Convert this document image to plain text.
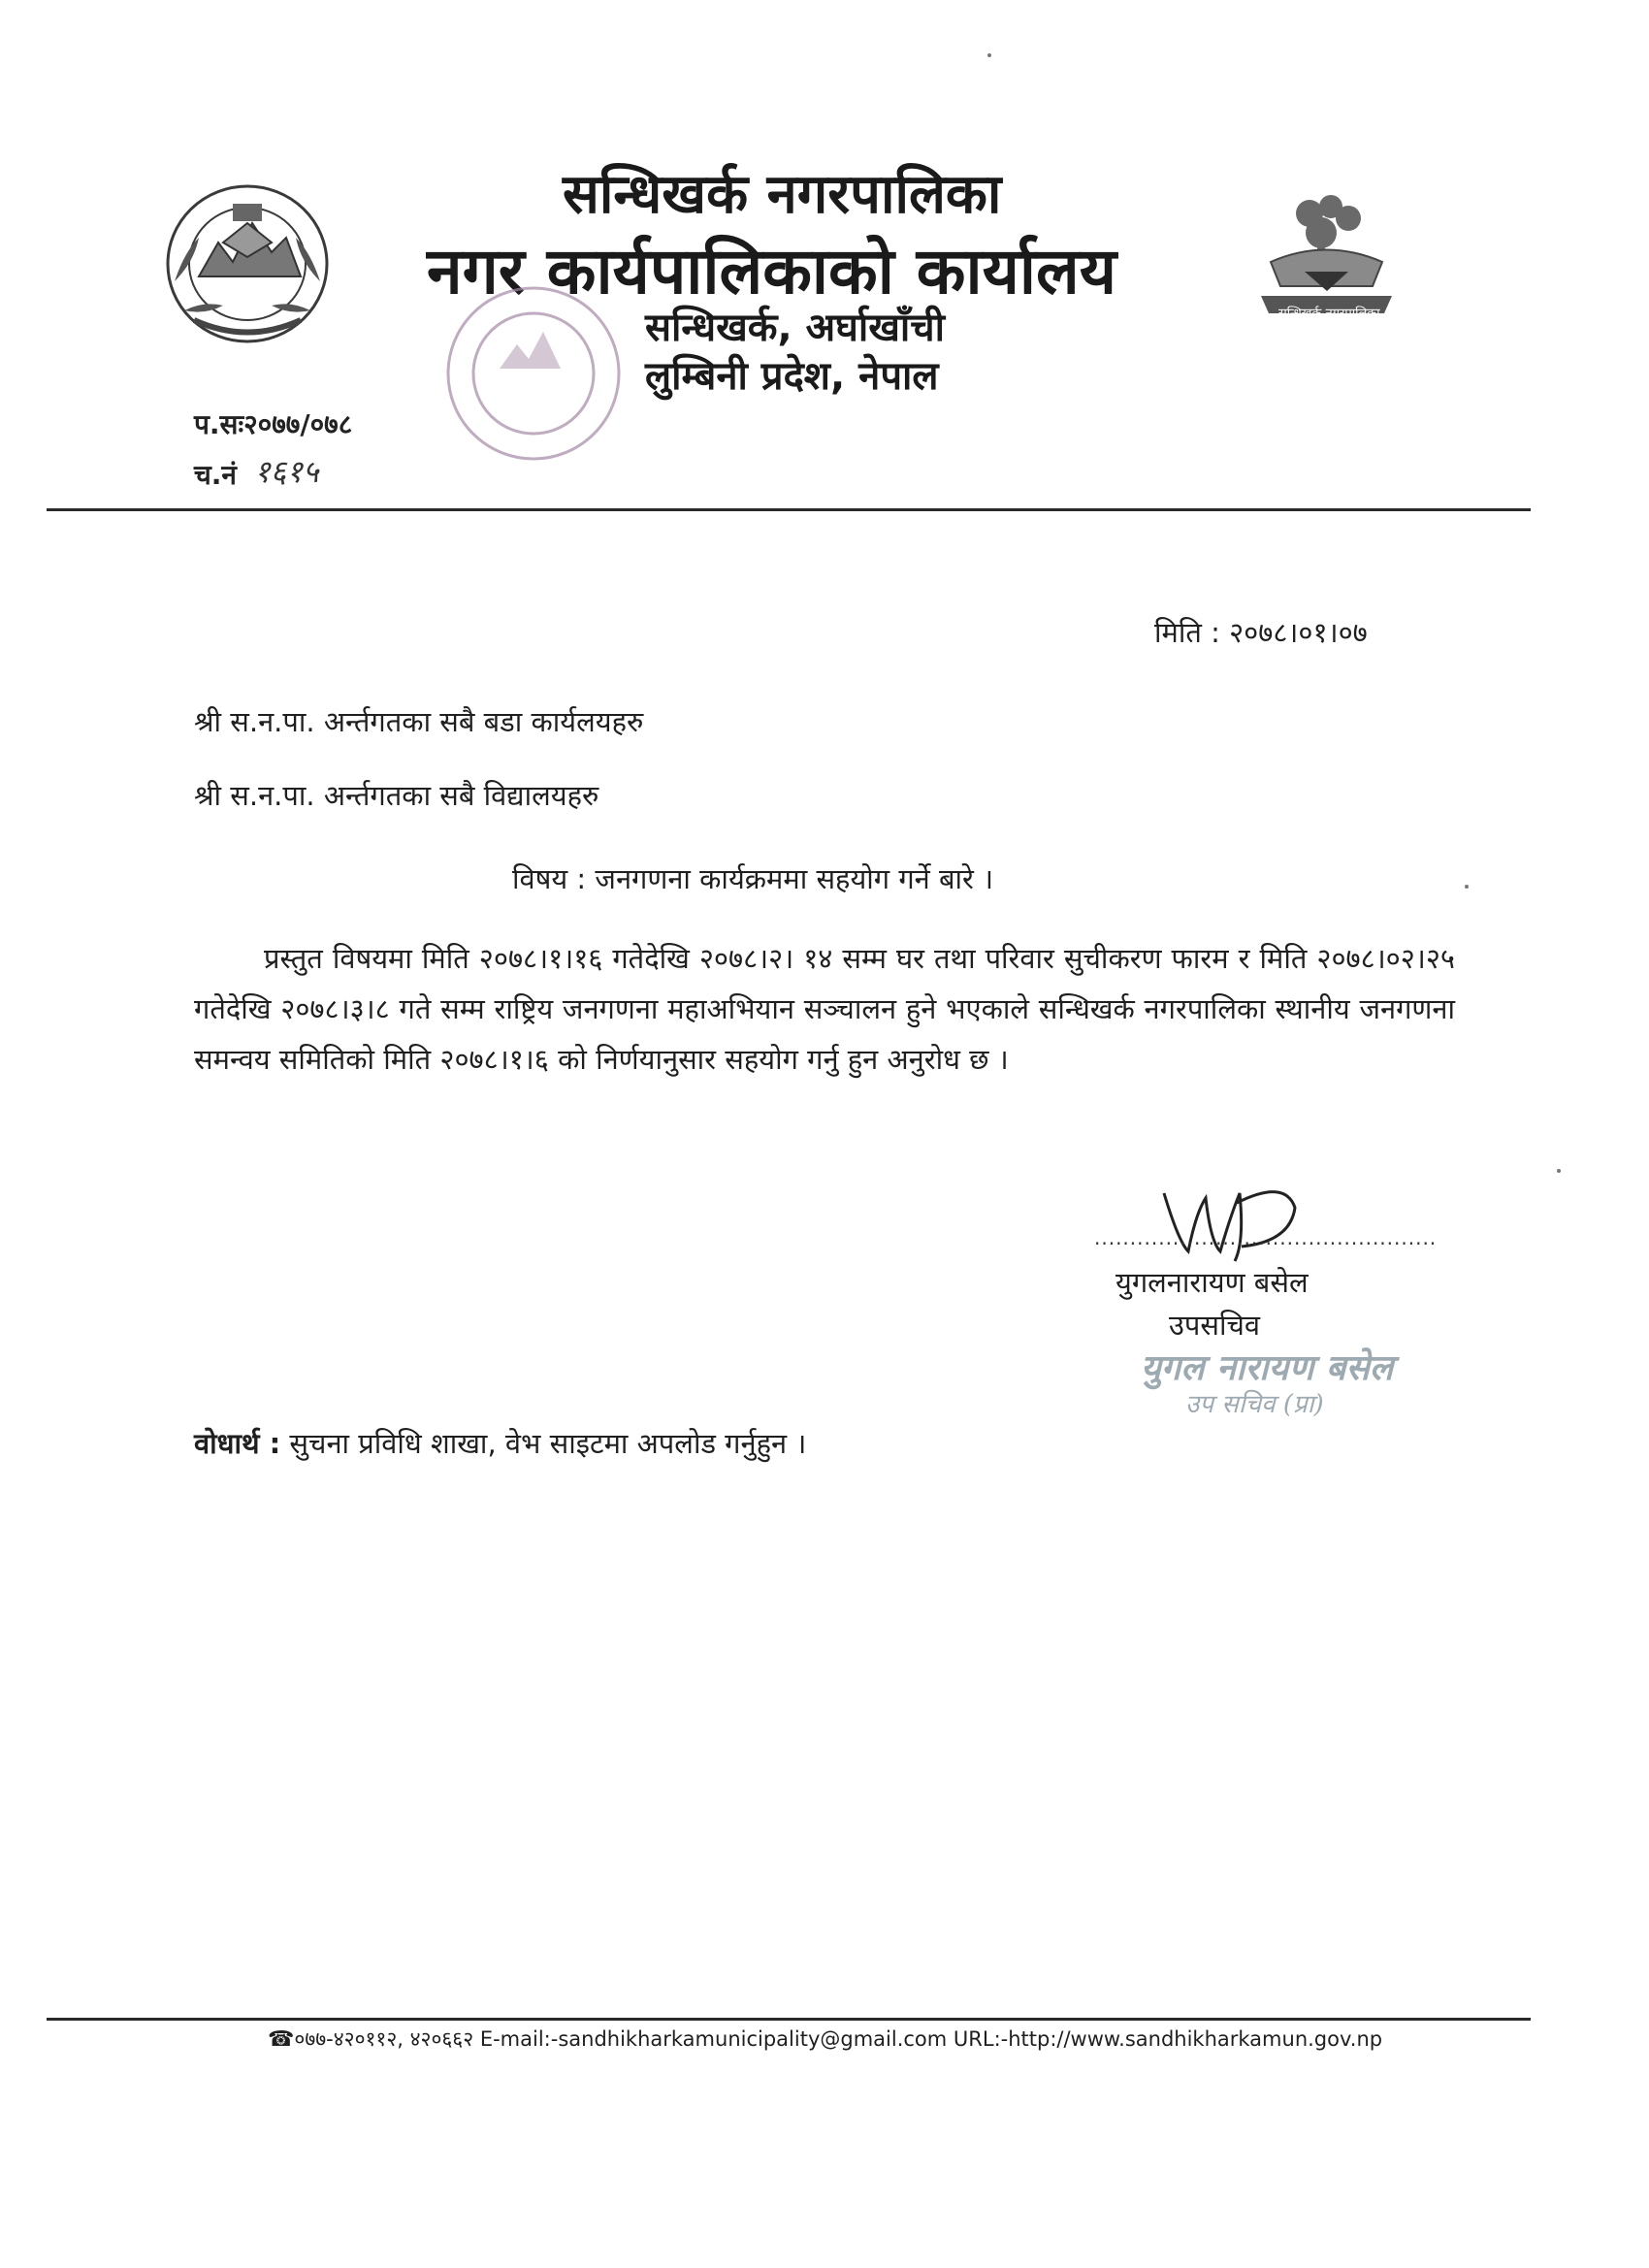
सन्धिखर्क नगरपालिका
सन्धिखर्क नगरपालिका
नगर कार्यपालिकाको कार्यालय
सन्धिखर्क, अर्घाखाँची
लुम्बिनी प्रदेश, नेपाल
प.सः२०७७/०७८
च.नं १६१५
मिति : २०७८।०१।०७
श्री स.न.पा. अर्न्तगतका सबै बडा कार्यलयहरु
श्री स.न.पा. अर्न्तगतका सबै विद्यालयहरु
विषय : जनगणना कार्यक्रममा सहयोग गर्ने बारे ।
प्रस्तुत विषयमा मिति २०७८।१।१६ गतेदेखि २०७८।२। १४ सम्म घर तथा परिवार सुचीकरण फारम र मिति २०७८।०२।२५ गतेदेखि २०७८।३।८ गते सम्म राष्ट्रिय जनगणना महाअभियान सञ्चालन हुने भएकाले सन्धिखर्क नगरपालिका स्थानीय जनगणना समन्वय समितिको मिति २०७८।१।६ को निर्णयानुसार सहयोग गर्नु हुन अनुरोध छ ।
................................................
युगलनारायण बसेल
उपसचिव
युगल नारायण बसेल
उप सचिव (प्रा)
वोधार्थ : सुचना प्रविधि शाखा, वेभ साइटमा अपलोड गर्नुहुन ।
☎०७७-४२०११२, ४२०६६२ E-mail:-sandhikharkamunicipality@gmail.com URL:-http://www.sandhikharkamun.gov.np
